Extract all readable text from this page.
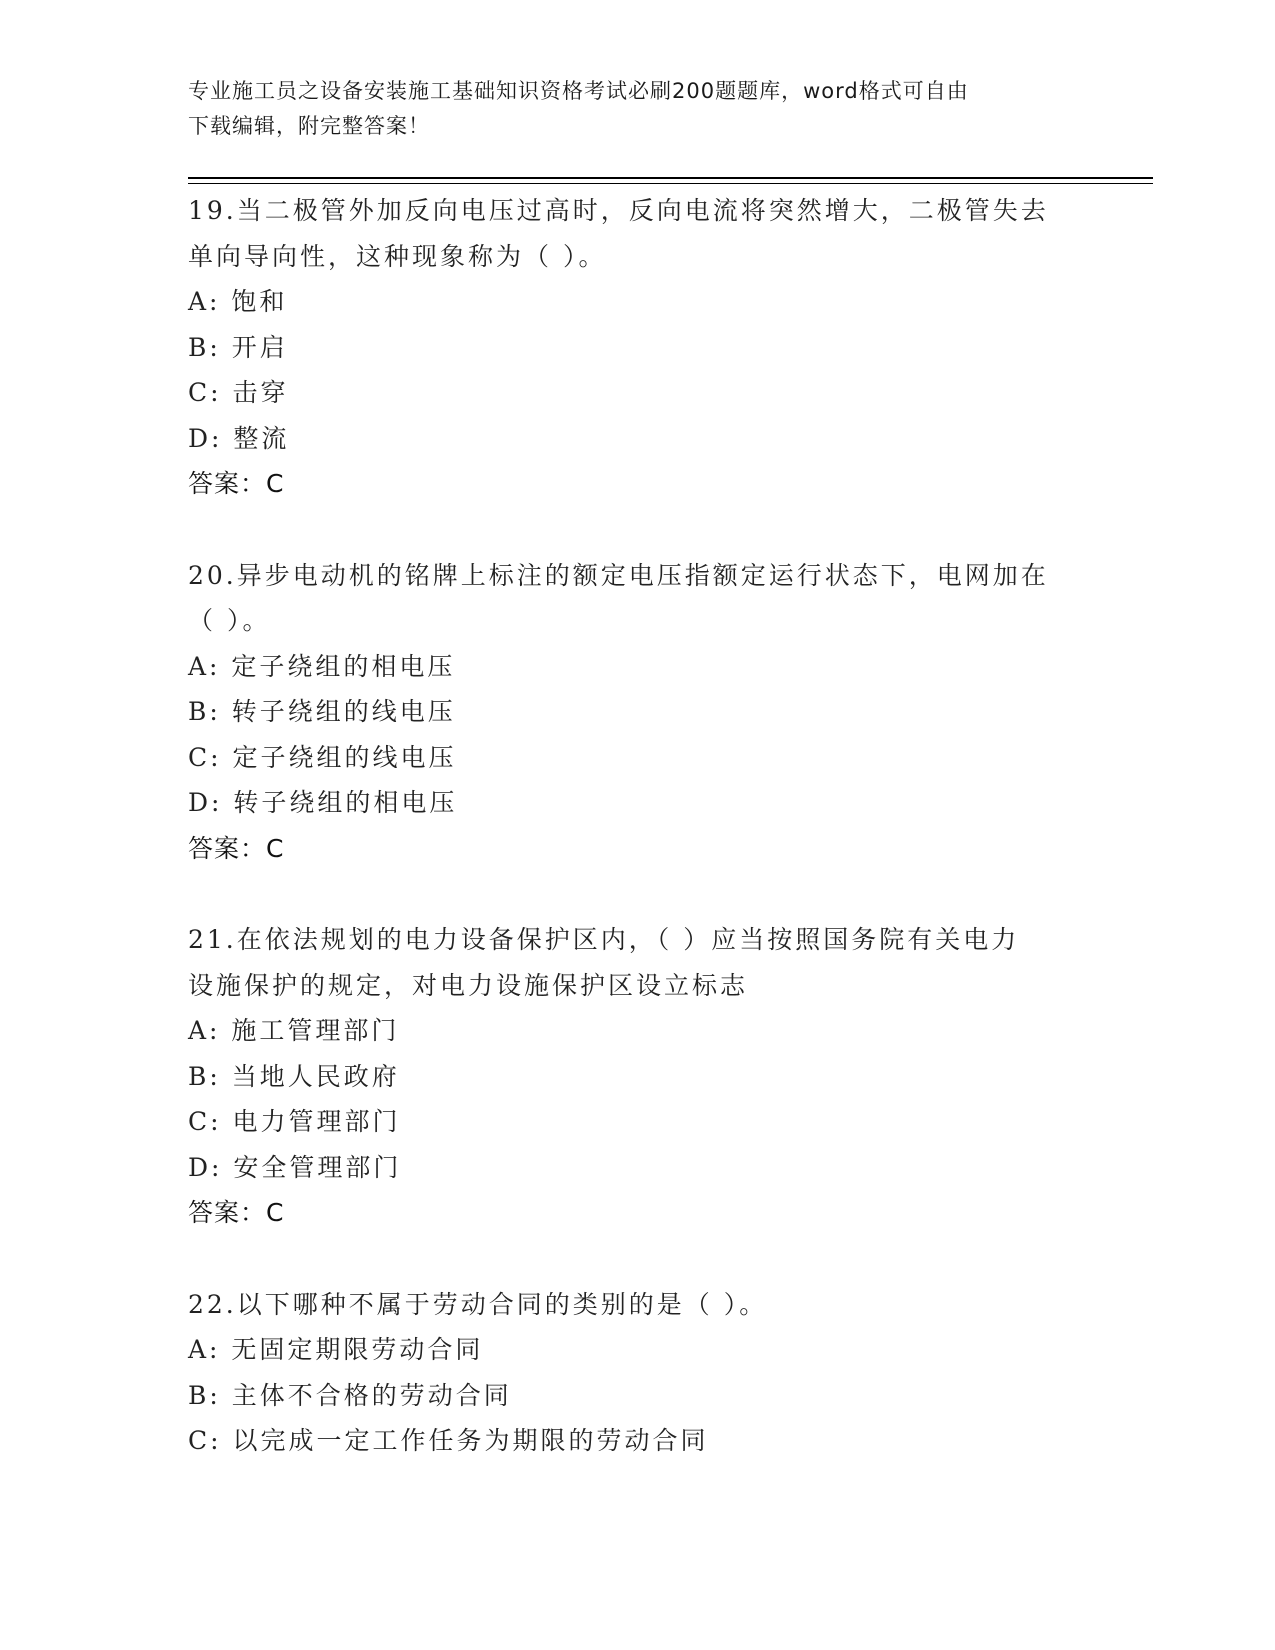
专业施工员之设备安装施工基础知识资格考试必刷200题题库，word格式可自由
下载编辑，附完整答案！
19.当二极管外加反向电压过高时，反向电流将突然增大，二极管失去
单向导向性，这种现象称为（ ）。
A: 饱和
B: 开启
C: 击穿
D: 整流
答案：C
20.异步电动机的铭牌上标注的额定电压指额定运行状态下，电网加在
（ ）。
A: 定子绕组的相电压
B: 转子绕组的线电压
C: 定子绕组的线电压
D: 转子绕组的相电压
答案：C
21.在依法规划的电力设备保护区内，（ ）应当按照国务院有关电力
设施保护的规定，对电力设施保护区设立标志
A: 施工管理部门
B: 当地人民政府
C: 电力管理部门
D: 安全管理部门
答案：C
22.以下哪种不属于劳动合同的类别的是（ ）。
A: 无固定期限劳动合同
B: 主体不合格的劳动合同
C: 以完成一定工作任务为期限的劳动合同
